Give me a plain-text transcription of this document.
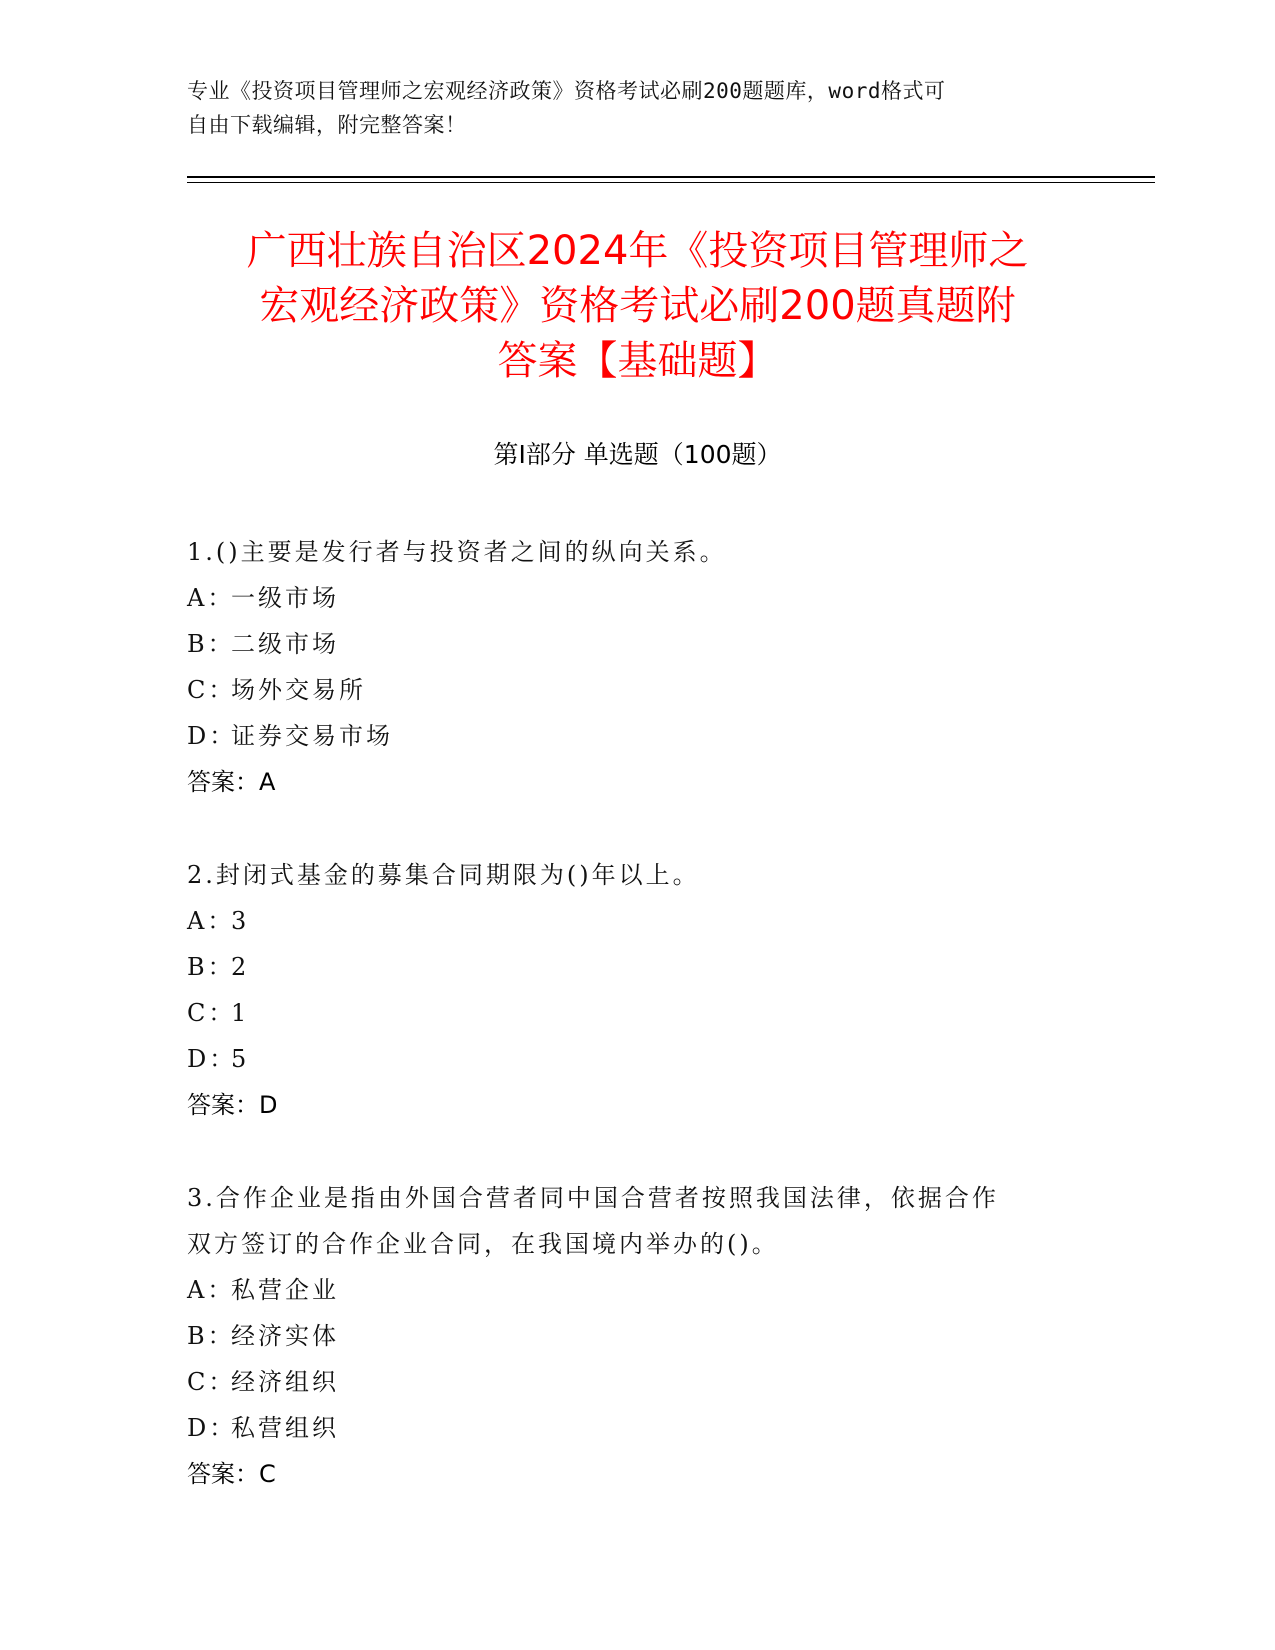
专业《投资项目管理师之宏观经济政策》资格考试必刷200题题库，word格式可
自由下载编辑，附完整答案！
广西壮族自治区2024年《投资项目管理师之
宏观经济政策》资格考试必刷200题真题附
答案【基础题】
第Ⅰ部分 单选题（100题）
1.()主要是发行者与投资者之间的纵向关系。
A：一级市场
B：二级市场
C：场外交易所
D：证券交易市场
答案：A
2.封闭式基金的募集合同期限为()年以上。
A：3
B：2
C：1
D：5
答案：D
3.合作企业是指由外国合营者同中国合营者按照我国法律，依据合作
双方签订的合作企业合同，在我国境内举办的()。
A：私营企业
B：经济实体
C：经济组织
D：私营组织
答案：C
